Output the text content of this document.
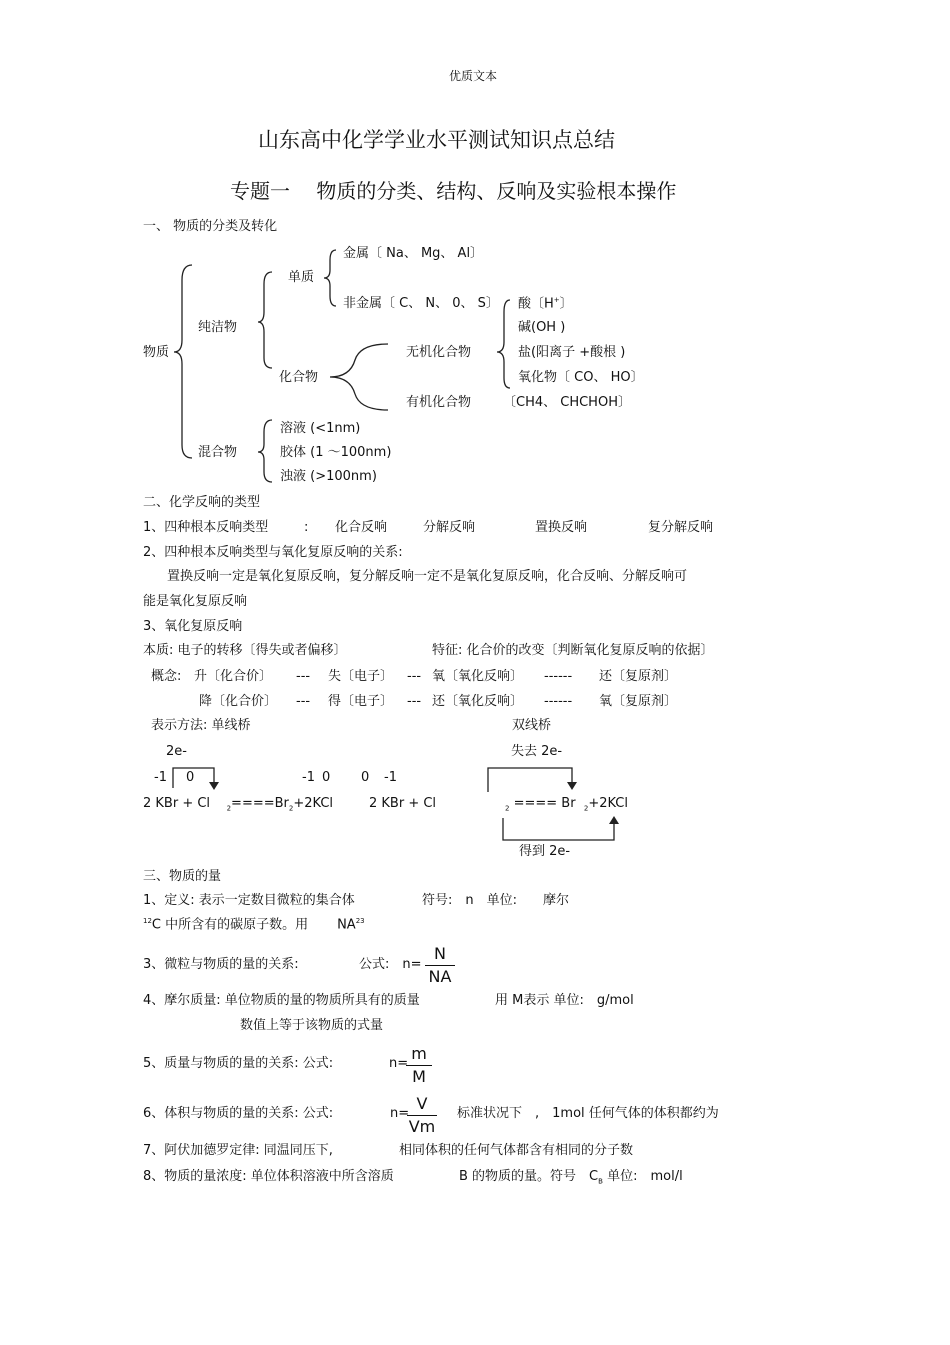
优质文本
山东高中化学学业水平测试知识点总结
专题一　 物质的分类、结构、反响及实验根本操作
一、 物质的分类及转化
物质
纯洁物
单质
金属〔 Na、 Mg、 Al〕
非金属〔 C、 N、 0、 S〕
化合物
无机化合物
有机化合物 〔CH4、 CHCHOH〕
酸〔H+〕
碱(OH )
盐(阳离子 +酸根 )
氧化物〔 CO、 HO〕
混合物
溶液 (<1nm)
胶体 (1 ～100nm)
浊液 (>100nm)
二、化学反响的类型
1、四种根本反响类型	: 化合反响	分解反响	置换反响	复分解反响
2、四种根本反响类型与氧化复原反响的关系:
置换反响一定是氧化复原反响，复分解反响一定不是氧化复原反响，化合反响、分解反响可
能是氧化复原反响
3、氧化复原反响
本质: 电子的转移〔得失或者偏移〕	特征: 化合价的改变〔判断氧化复原反响的依据〕
概念: 升〔化合价〕 --- 失〔电子〕 --- 氧〔氧化反响〕 ------ 还〔复原剂〕
降〔化合价〕 --- 得〔电子〕 --- 还〔氧化反响〕 ------ 氧〔复原剂〕
表示方法: 单线桥	双线桥
2e-
-1 0	-1 0 0 -1
失去 2e-
2 KBr + Cl $_2====Br_2+2KCl$	2 KBr + Cl	$_2$ ==== Br $_2$+2KCl
得到 2e-
三、物质的量
1、定义: 表示一定数目微粒的集合体	符号:　n　单位:　　摩尔
$^{12}$C 中所含有的碳原子数。用 NA$^{23}$
3、微粒与物质的量的关系:	公式:　n=
N
NA
4、摩尔质量: 单位物质的量的物质所具有的质量	用 M表示 单位:　g/mol
数值上等于该物质的式量
5、质量与物质的量的关系: 公式:	n=
m
M
6、体积与物质的量的关系: 公式:	n=
V
Vm
标准状况下　,　1mol 任何气体的体积都约为
7、阿伏加德罗定律: 同温同压下,	相同体积的任何气体都含有相同的分子数
8、物质的量浓度: 单位体积溶液中所含溶质	B 的物质的量。符号　$C_B$ 单位:　mol/l
